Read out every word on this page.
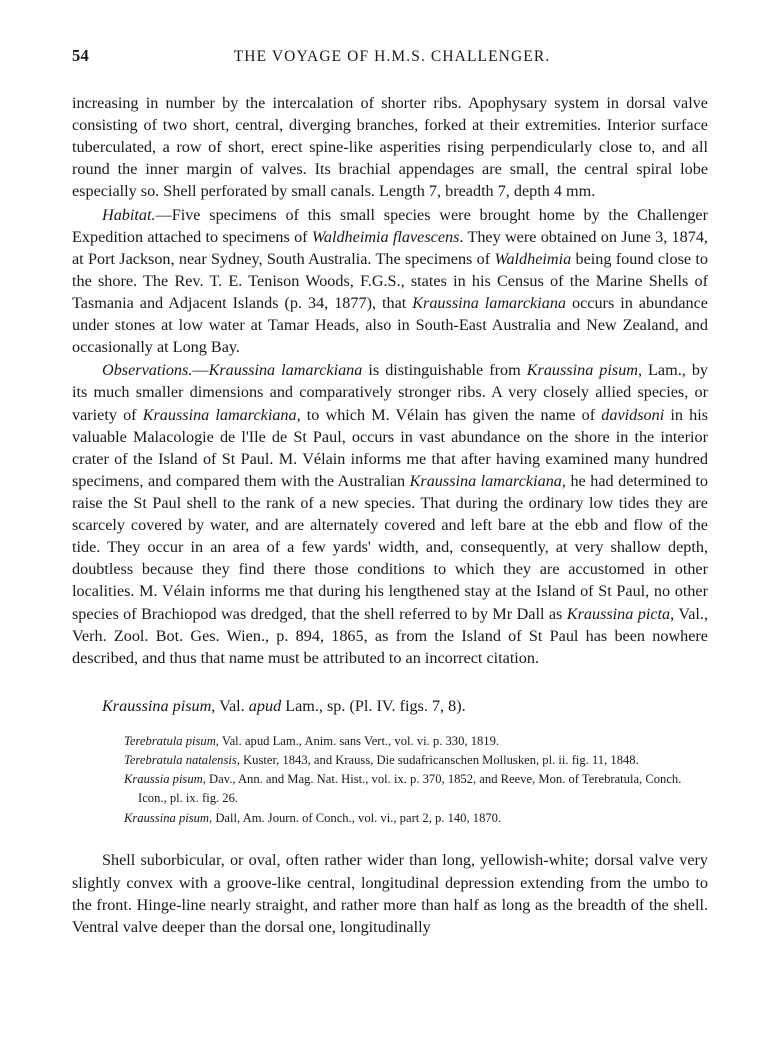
54	THE VOYAGE OF H.M.S. CHALLENGER.

increasing in number by the intercalation of shorter ribs. Apophysary system in dorsal valve consisting of two short, central, diverging branches, forked at their extremities. Interior surface tuberculated, a row of short, erect spine-like asperities rising perpendicularly close to, and all round the inner margin of valves. Its brachial appendages are small, the central spiral lobe especially so. Shell perforated by small canals. Length 7, breadth 7, depth 4 mm.

Habitat.—Five specimens of this small species were brought home by the Challenger Expedition attached to specimens of Waldheimia flavescens. They were obtained on June 3, 1874, at Port Jackson, near Sydney, South Australia. The specimens of Waldheimia being found close to the shore. The Rev. T. E. Tenison Woods, F.G.S., states in his Census of the Marine Shells of Tasmania and Adjacent Islands (p. 34, 1877), that Kraussina lamarckiana occurs in abundance under stones at low water at Tamar Heads, also in South-East Australia and New Zealand, and occasionally at Long Bay.

Observations.—Kraussina lamarckiana is distinguishable from Kraussina pisum, Lam., by its much smaller dimensions and comparatively stronger ribs. A very closely allied species, or variety of Kraussina lamarckiana, to which M. Vélain has given the name of davidsoni in his valuable Malacologie de l'Ile de St Paul, occurs in vast abundance on the shore in the interior crater of the Island of St Paul. M. Vélain informs me that after having examined many hundred specimens, and compared them with the Australian Kraussina lamarckiana, he had determined to raise the St Paul shell to the rank of a new species. That during the ordinary low tides they are scarcely covered by water, and are alternately covered and left bare at the ebb and flow of the tide. They occur in an area of a few yards' width, and, consequently, at very shallow depth, doubtless because they find there those conditions to which they are accustomed in other localities. M. Vélain informs me that during his lengthened stay at the Island of St Paul, no other species of Brachiopod was dredged, that the shell referred to by Mr Dall as Kraussina picta, Val., Verh. Zool. Bot. Ges. Wien., p. 894, 1865, as from the Island of St Paul has been nowhere described, and thus that name must be attributed to an incorrect citation.

Kraussina pisum, Val. apud Lam., sp. (Pl. IV. figs. 7, 8).
Terebratula pisum, Val. apud Lam., Anim. sans Vert., vol. vi. p. 330, 1819.
Terebratula natalensis, Kuster, 1843, and Krauss, Die sudafricanschen Mollusken, pl. ii. fig. 11, 1848.
Kraussia pisum, Dav., Ann. and Mag. Nat. Hist., vol. ix. p. 370, 1852, and Reeve, Mon. of Terebratula, Conch. Icon., pl. ix. fig. 26.
Kraussina pisum, Dall, Am. Journ. of Conch., vol. vi., part 2, p. 140, 1870.

Shell suborbicular, or oval, often rather wider than long, yellowish-white; dorsal valve very slightly convex with a groove-like central, longitudinal depression extending from the umbo to the front. Hinge-line nearly straight, and rather more than half as long as the breadth of the shell. Ventral valve deeper than the dorsal one, longitudinally
